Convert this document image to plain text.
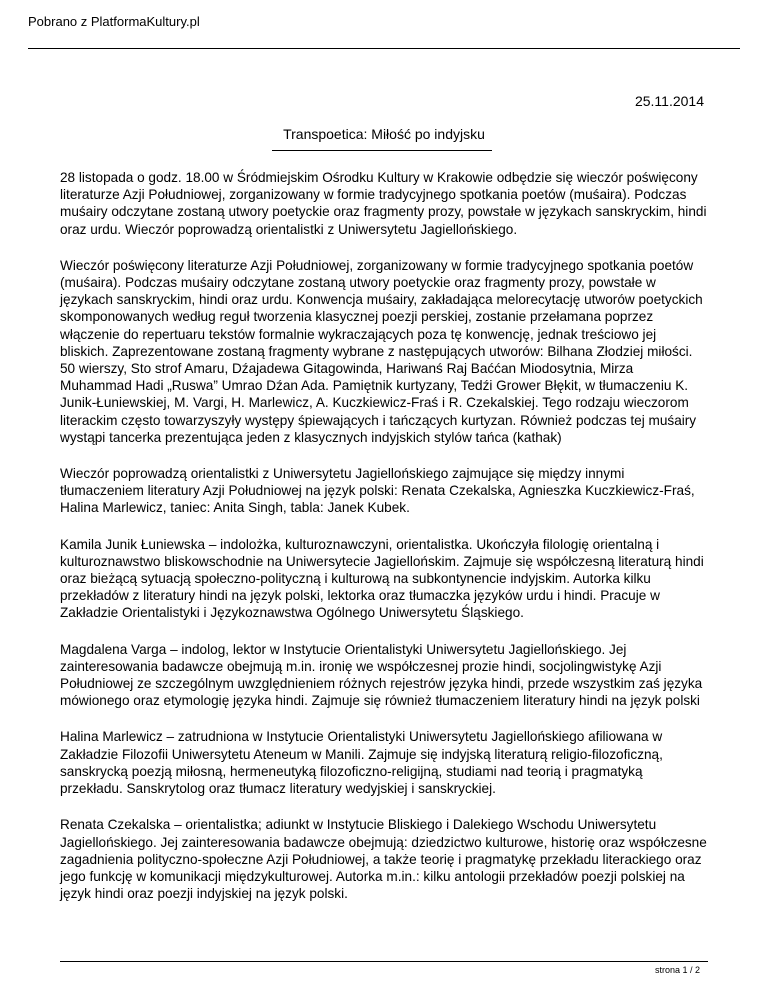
Pobrano z PlatformaKultury.pl
25.11.2014
Transpoetica: Miłość po indyjsku

28 listopada o godz. 18.00 w Śródmiejskim Ośrodku Kultury w Krakowie odbędzie się wieczór poświęcony literaturze Azji Południowej, zorganizowany w formie tradycyjnego spotkania poetów (muśaira). Podczas muśairy odczytane zostaną utwory poetyckie oraz fragmenty prozy, powstałe w językach sanskryckim, hindi oraz urdu. Wieczór poprowadzą orientalistki z Uniwersytetu Jagiellońskiego.

Wieczór poświęcony literaturze Azji Południowej, zorganizowany w formie tradycyjnego spotkania poetów (muśaira). Podczas muśairy odczytane zostaną utwory poetyckie oraz fragmenty prozy, powstałe w językach sanskryckim, hindi oraz urdu. Konwencja muśairy, zakładająca melorecytację utworów poetyckich skomponowanych według reguł tworzenia klasycznej poezji perskiej, zostanie przełamana poprzez włączenie do repertuaru tekstów formalnie wykraczających poza tę konwencję, jednak treściowo jej bliskich. Zaprezentowane zostaną fragmenty wybrane z następujących utworów: Bilhana Złodziej miłości. 50 wierszy, Sto strof Amaru, Dźajadewa Gitagowinda, Hariwanś Raj Baććan Miodosytnia, Mirza Muhammad Hadi „Ruswa” Umrao Dźan Ada. Pamiętnik kurtyzany, Tedźi Grower Błękit, w tłumaczeniu K. Junik-Łuniewskiej, M. Vargi, H. Marlewicz, A. Kuczkiewicz-Fraś i R. Czekalskiej. Tego rodzaju wieczorom literackim często towarzyszyły występy śpiewających i tańczących kurtyzan. Również podczas tej muśairy wystąpi tancerka prezentująca jeden z klasycznych indyjskich stylów tańca (kathak)

Wieczór poprowadzą orientalistki z Uniwersytetu Jagiellońskiego zajmujące się między innymi tłumaczeniem literatury Azji Południowej na język polski: Renata Czekalska, Agnieszka Kuczkiewicz-Fraś, Halina Marlewicz, taniec: Anita Singh, tabla: Janek Kubek.

Kamila Junik Łuniewska – indolożka, kulturoznawczyni, orientalistka. Ukończyła filologię orientalną i kulturoznawstwo bliskowschodnie na Uniwersytecie Jagiellońskim. Zajmuje się współczesną literaturą hindi oraz bieżącą sytuacją społeczno-polityczną i kulturową na subkontynencie indyjskim. Autorka kilku przekładów z literatury hindi na język polski, lektorka oraz tłumaczka języków urdu i hindi. Pracuje w Zakładzie Orientalistyki i Językoznawstwa Ogólnego Uniwersytetu Śląskiego.

Magdalena Varga – indolog, lektor w Instytucie Orientalistyki Uniwersytetu Jagiellońskiego. Jej zainteresowania badawcze obejmują m.in. ironię we współczesnej prozie hindi, socjolingwistykę Azji Południowej ze szczególnym uwzględnieniem różnych rejestrów języka hindi, przede wszystkim zaś języka mówionego oraz etymologię języka hindi. Zajmuje się również tłumaczeniem literatury hindi na język polski

Halina Marlewicz – zatrudniona w Instytucie Orientalistyki Uniwersytetu Jagiellońskiego afiliowana w Zakładzie Filozofii Uniwersytetu Ateneum w Manili. Zajmuje się indyjską literaturą religio-filozoficzną, sanskrycką poezją miłosną, hermeneutyką filozoficzno-religijną, studiami nad teorią i pragmatyką przekładu. Sanskrytolog oraz tłumacz literatury wedyjskiej i sanskryckiej.

Renata Czekalska – orientalistka; adiunkt w Instytucie Bliskiego i Dalekiego Wschodu Uniwersytetu Jagiellońskiego. Jej zainteresowania badawcze obejmują: dziedzictwo kulturowe, historię oraz współczesne zagadnienia polityczno-społeczne Azji Południowej, a także teorię i pragmatykę przekładu literackiego oraz jego funkcję w komunikacji międzykulturowej. Autorka m.in.: kilku antologii przekładów poezji polskiej na język hindi oraz poezji indyjskiej na język polski.

strona 1 / 2
